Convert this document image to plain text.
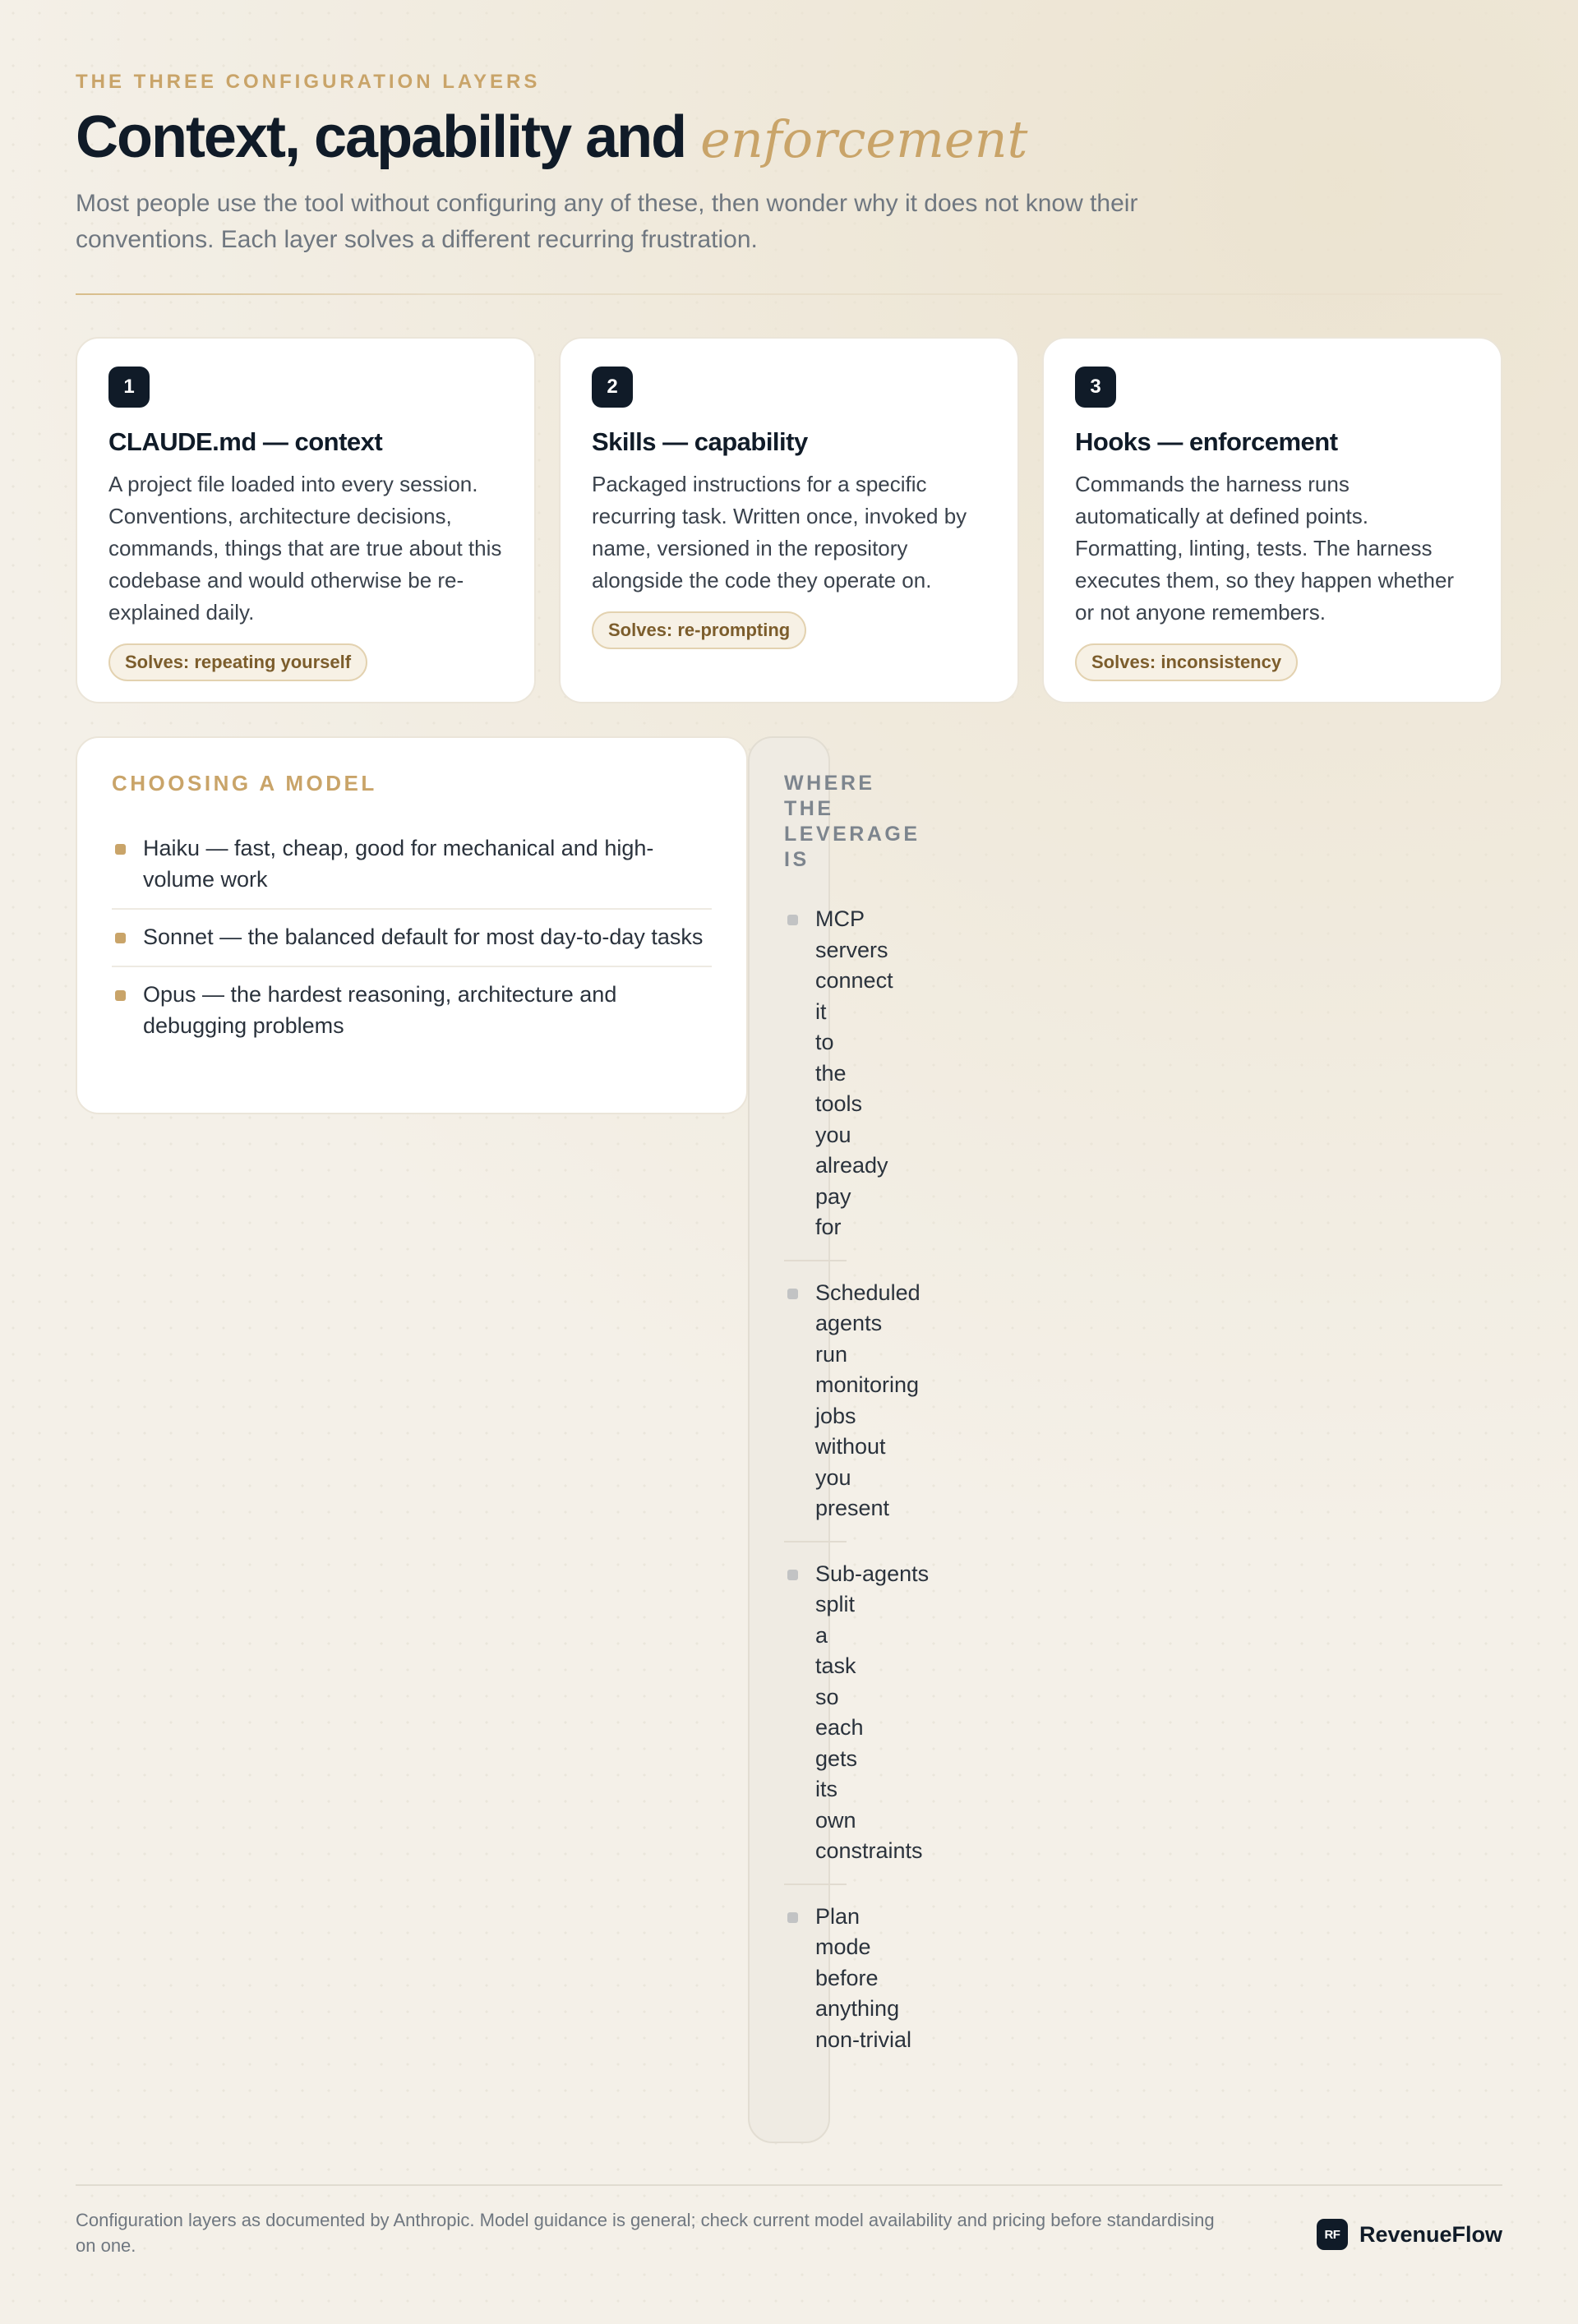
THE THREE CONFIGURATION LAYERS
Context, capability and enforcement

Most people use the tool without configuring any of these, then wonder why it does not know their conventions. Each layer solves a different recurring frustration.

1
CLAUDE.md — context
A project file loaded into every session. Conventions, architecture decisions, commands, things that are true about this codebase and would otherwise be re-explained daily.
Solves: repeating yourself
2
Skills — capability
Packaged instructions for a specific recurring task. Written once, invoked by name, versioned in the repository alongside the code they operate on.
Solves: re-prompting
3
Hooks — enforcement
Commands the harness runs automatically at defined points. Formatting, linting, tests. The harness executes them, so they happen whether or not anyone remembers.
Solves: inconsistency
CHOOSING A MODEL
Haiku — fast, cheap, good for mechanical and high-volume work
Sonnet — the balanced default for most day-to-day tasks
Opus — the hardest reasoning, architecture and debugging problems
WHERE THE LEVERAGE IS
MCP servers connect it to the tools you already pay for
Scheduled agents run monitoring jobs without you present
Sub-agents split a task so each gets its own constraints
Plan mode before anything non-trivial

Configuration layers as documented by Anthropic. Model guidance is general; check current model availability and pricing before standardising on one.

RF RevenueFlow
